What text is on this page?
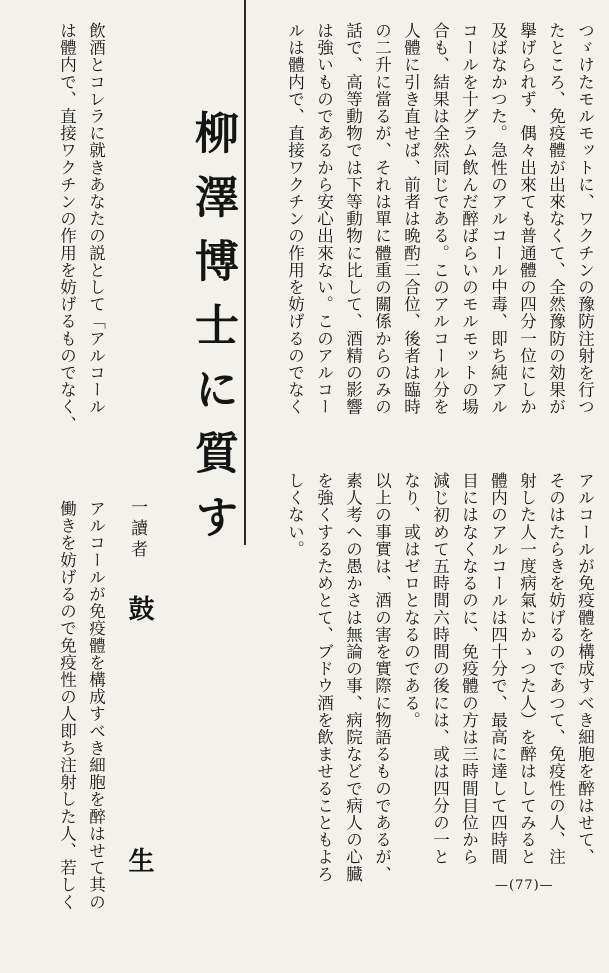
つゞけたモルモットに、ワクチンの豫防注射を行つ
たところ、免疫體が出來なくて、全然豫防の効果が
擧げられず、偶々出來ても普通體の四分一位にしか
及ばなかつた。急性のアルコール中毒、即ち純アル
コールを十グラム飲んだ醉ばらいのモルモットの場
合も、結果は全然同じである。このアルコール分を
人體に引き直せば、前者は晩酌二合位、後者は臨時
の二升に當るが、それは單に體重の關係からのみの
話で、高等動物では下等動物に比して、酒精の影響
は強いものであるから安心出來ない。このアルコー
ルは體内で、直接ワクチンの作用を妨げるのでなく
アルコールが免疫體を構成すべき細胞を醉はせて、
そのはたらきを妨げるのであつて、免疫性の人、注
射した人一度病氣にかゝつた人）を醉はしてみると
體内のアルコールは四十分で、最高に達して四時間
目にはなくなるのに、免疫體の方は三時間目位から
減じ初めて五時間六時間の後には、或は四分の一と
なり、或はゼロとなるのである。
以上の事實は、酒の害を實際に物語るものであるが、
素人考への愚かさは無論の事、病院などで病人の心臓
を強くするためとて、ブドウ酒を飲ませることもよろ
しくない。
柳澤博士に質す
一讀者
鼓　生
飲酒とコレラに就きあなたの説として「アルコール
は體内で、直接ワクチンの作用を妨げるものでなく、
アルコールが免疫體を構成すべき細胞を醉はせて其の
働きを妨げるので免疫性の人即ち注射した人、若しく	—(77)—
